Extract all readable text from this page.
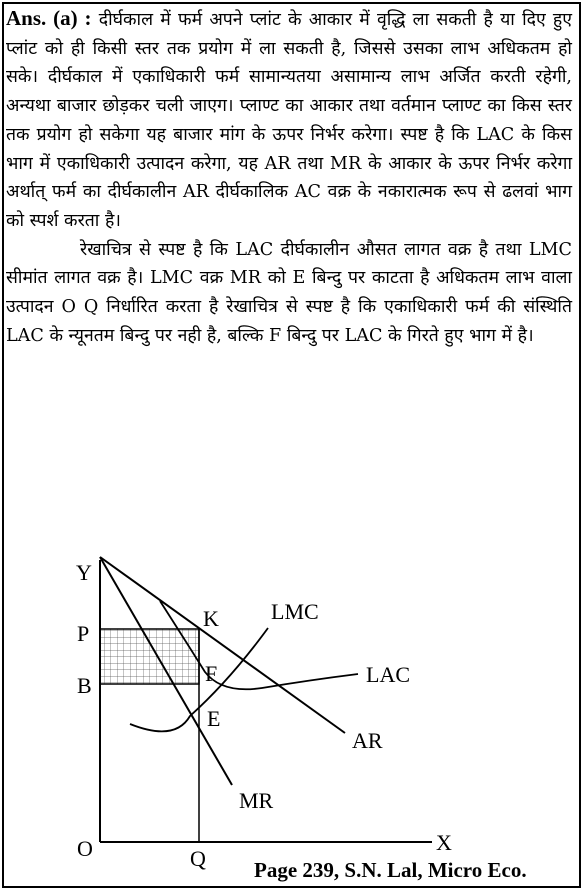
Ans. (a) : दीर्घकाल में फर्म अपने प्लांट के आकार में वृद्धि ला सकती है या दिए हुए प्लांट को ही किसी स्तर तक प्रयोग में ला सकती है, जिससे उसका लाभ अधिकतम हो सके। दीर्घकाल में एकाधिकारी फर्म सामान्यतया असामान्य लाभ अर्जित करती रहेगी, अन्यथा बाजार छोड़कर चली जाएग। प्लाण्ट का आकार तथा वर्तमान प्लाण्ट का किस स्तर तक प्रयोग हो सकेगा यह बाजार मांग के ऊपर निर्भर करेगा। स्पष्ट है कि LAC के किस भाग में एकाधिकारी उत्पादन करेगा, यह AR तथा MR के आकार के ऊपर निर्भर करेगा अर्थात् फर्म का दीर्घकालीन AR दीर्घकालिक AC वक्र के नकारात्मक रूप से ढलवां भाग को स्पर्श करता है।

रेखाचित्र से स्पष्ट है कि LAC दीर्घकालीन औसत लागत वक्र है तथा LMC सीमांत लागत वक्र है। LMC वक्र MR को E बिन्दु पर काटता है अधिकतम लाभ वाला उत्पादन O Q निर्धारित करता है रेखाचित्र से स्पष्ट है कि एकाधिकारी फर्म की संस्थिति LAC के न्यूनतम बिन्दु पर नही है, बल्कि F बिन्दु पर LAC के गिरते हुए भाग में है।

Y
X
O	Q
P
B
K
F
E
LMC
LAC
AR
MR
Page 239, S.N. Lal, Micro Eco.
